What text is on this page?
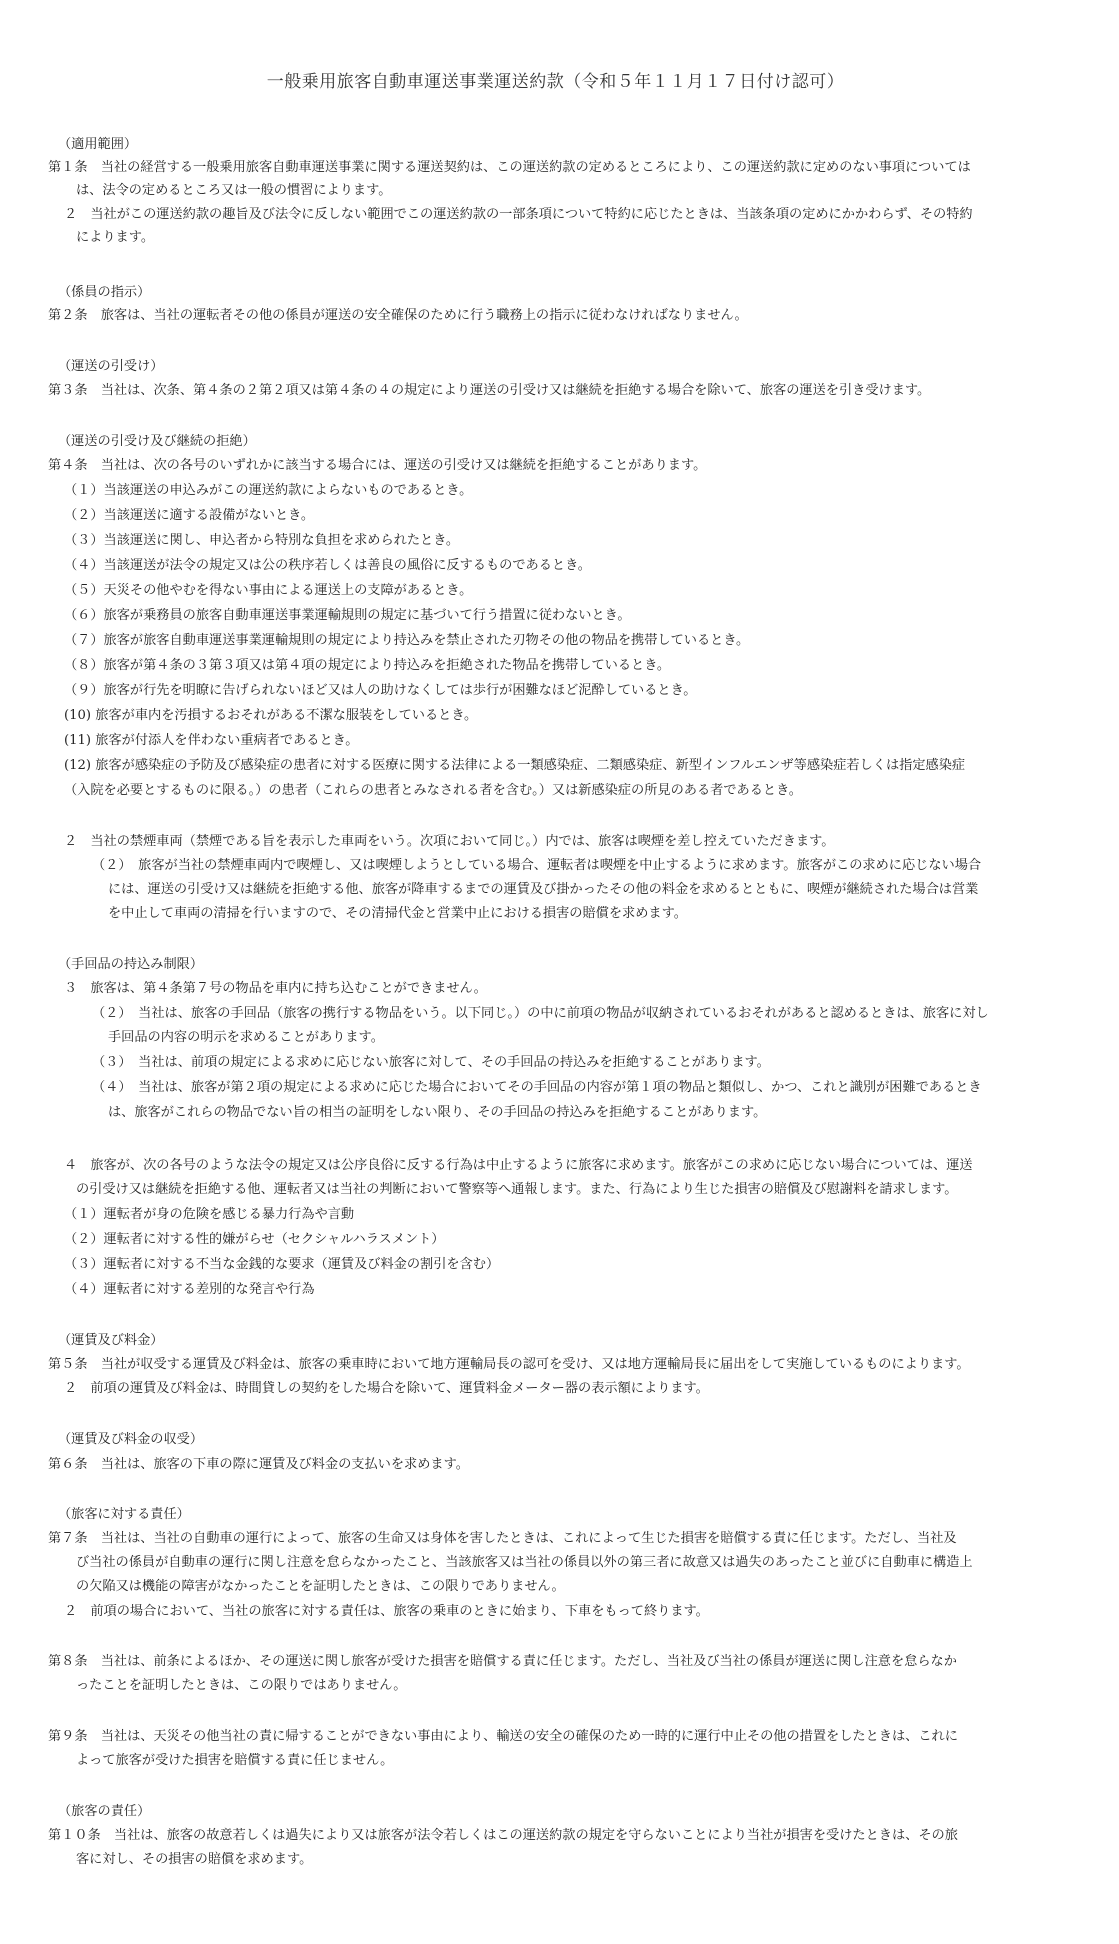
一般乗用旅客自動車運送事業運送約款（令和５年１１月１７日付け認可）
（適用範囲）
第１条　当社の経営する一般乗用旅客自動車運送事業に関する運送契約は、この運送約款の定めるところにより、この運送約款に定めのない事項については
は、法令の定めるところ又は一般の慣習によります。
２　当社がこの運送約款の趣旨及び法令に反しない範囲でこの運送約款の一部条項について特約に応じたときは、当該条項の定めにかかわらず、その特約
によります。
（係員の指示）
第２条　旅客は、当社の運転者その他の係員が運送の安全確保のために行う職務上の指示に従わなければなりません。
（運送の引受け）
第３条　当社は、次条、第４条の２第２項又は第４条の４の規定により運送の引受け又は継続を拒絶する場合を除いて、旅客の運送を引き受けます。
（運送の引受け及び継続の拒絶）
第４条　当社は、次の各号のいずれかに該当する場合には、運送の引受け又は継続を拒絶することがあります。
（１）当該運送の申込みがこの運送約款によらないものであるとき。
（２）当該運送に適する設備がないとき。
（３）当該運送に関し、申込者から特別な負担を求められたとき。
（４）当該運送が法令の規定又は公の秩序若しくは善良の風俗に反するものであるとき。
（５）天災その他やむを得ない事由による運送上の支障があるとき。
（６）旅客が乗務員の旅客自動車運送事業運輸規則の規定に基づいて行う措置に従わないとき。
（７）旅客が旅客自動車運送事業運輸規則の規定により持込みを禁止された刃物その他の物品を携帯しているとき。
（８）旅客が第４条の３第３項又は第４項の規定により持込みを拒絶された物品を携帯しているとき。
（９）旅客が行先を明瞭に告げられないほど又は人の助けなくしては歩行が困難なほど泥酔しているとき。
(10) 旅客が車内を汚損するおそれがある不潔な服装をしているとき。
(11) 旅客が付添人を伴わない重病者であるとき。
(12) 旅客が感染症の予防及び感染症の患者に対する医療に関する法律による一類感染症、二類感染症、新型インフルエンザ等感染症若しくは指定感染症
（入院を必要とするものに限る。）の患者（これらの患者とみなされる者を含む。）又は新感染症の所見のある者であるとき。
２　当社の禁煙車両（禁煙である旨を表示した車両をいう。次項において同じ。）内では、旅客は喫煙を差し控えていただきます。
（２）　旅客が当社の禁煙車両内で喫煙し、又は喫煙しようとしている場合、運転者は喫煙を中止するように求めます。旅客がこの求めに応じない場合
には、運送の引受け又は継続を拒絶する他、旅客が降車するまでの運賃及び掛かったその他の料金を求めるとともに、喫煙が継続された場合は営業
を中止して車両の清掃を行いますので、その清掃代金と営業中止における損害の賠償を求めます。
（手回品の持込み制限）
３　旅客は、第４条第７号の物品を車内に持ち込むことができません。
（２）　当社は、旅客の手回品（旅客の携行する物品をいう。以下同じ。）の中に前項の物品が収納されているおそれがあると認めるときは、旅客に対し
手回品の内容の明示を求めることがあります。
（３）　当社は、前項の規定による求めに応じない旅客に対して、その手回品の持込みを拒絶することがあります。
（４）　当社は、旅客が第２項の規定による求めに応じた場合においてその手回品の内容が第１項の物品と類似し、かつ、これと識別が困難であるとき
は、旅客がこれらの物品でない旨の相当の証明をしない限り、その手回品の持込みを拒絶することがあります。
４　旅客が、次の各号のような法令の規定又は公序良俗に反する行為は中止するように旅客に求めます。旅客がこの求めに応じない場合については、運送
の引受け又は継続を拒絶する他、運転者又は当社の判断において警察等へ通報します。また、行為により生じた損害の賠償及び慰謝料を請求します。
（１）運転者が身の危険を感じる暴力行為や言動
（２）運転者に対する性的嫌がらせ（セクシャルハラスメント）
（３）運転者に対する不当な金銭的な要求（運賃及び料金の割引を含む）
（４）運転者に対する差別的な発言や行為
（運賃及び料金）
第５条　当社が収受する運賃及び料金は、旅客の乗車時において地方運輸局長の認可を受け、又は地方運輸局長に届出をして実施しているものによります。
２　前項の運賃及び料金は、時間貸しの契約をした場合を除いて、運賃料金メーター器の表示額によります。
（運賃及び料金の収受）
第６条　当社は、旅客の下車の際に運賃及び料金の支払いを求めます。
（旅客に対する責任）
第７条　当社は、当社の自動車の運行によって、旅客の生命又は身体を害したときは、これによって生じた損害を賠償する責に任じます。ただし、当社及
び当社の係員が自動車の運行に関し注意を怠らなかったこと、当該旅客又は当社の係員以外の第三者に故意又は過失のあったこと並びに自動車に構造上
の欠陥又は機能の障害がなかったことを証明したときは、この限りでありません。
２　前項の場合において、当社の旅客に対する責任は、旅客の乗車のときに始まり、下車をもって終ります。
第８条　当社は、前条によるほか、その運送に関し旅客が受けた損害を賠償する責に任じます。ただし、当社及び当社の係員が運送に関し注意を怠らなか
ったことを証明したときは、この限りではありません。
第９条　当社は、天災その他当社の責に帰することができない事由により、輸送の安全の確保のため一時的に運行中止その他の措置をしたときは、これに
よって旅客が受けた損害を賠償する責に任じません。
（旅客の責任）
第１０条　当社は、旅客の故意若しくは過失により又は旅客が法令若しくはこの運送約款の規定を守らないことにより当社が損害を受けたときは、その旅
客に対し、その損害の賠償を求めます。
